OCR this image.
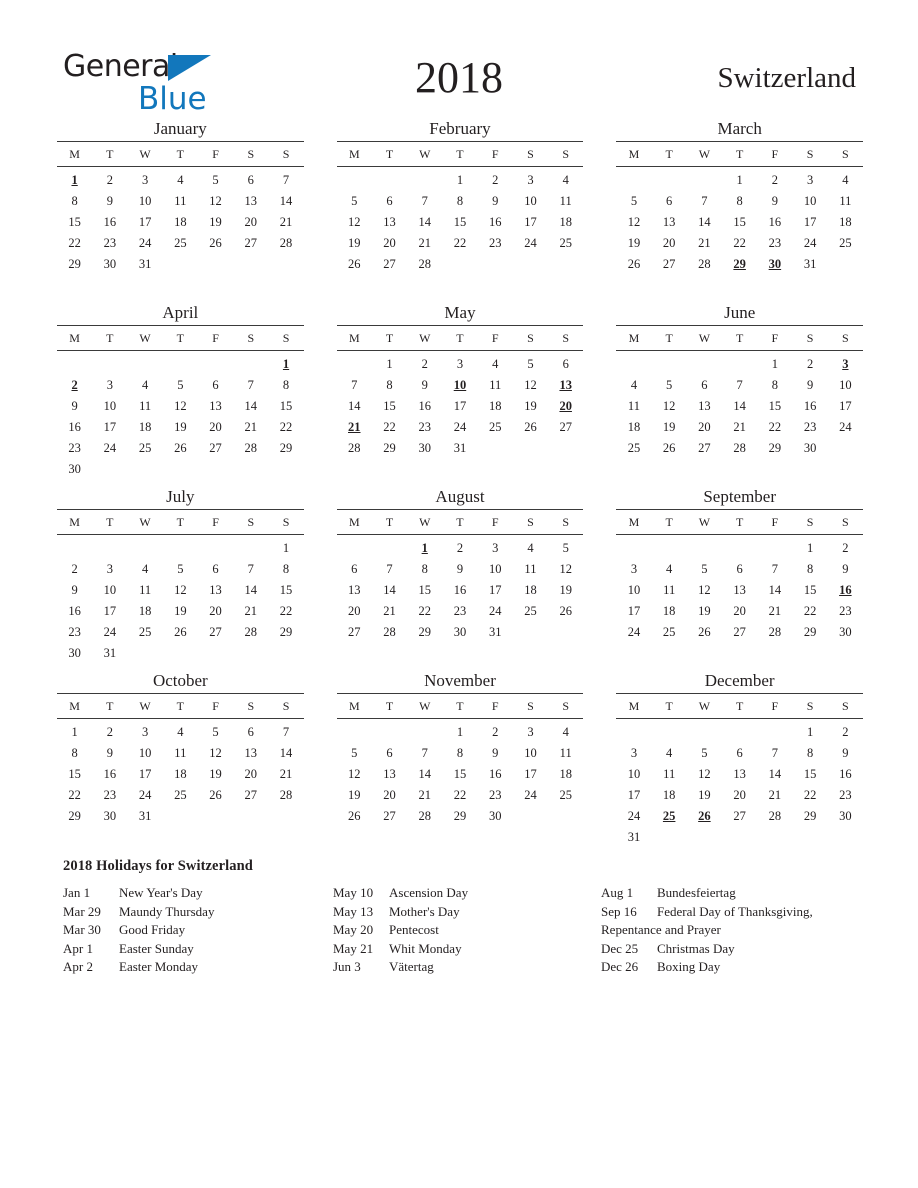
General
Blue	2018	Switzerland
January
M	T	W	T	F	S	S
1	2	3	4	5	6	7
8	9	10	11	12	13	14
15	16	17	18	19	20	21
22	23	24	25	26	27	28
29	30	31				

February
M	T	W	T	F	S	S
			1	2	3	4
5	6	7	8	9	10	11
12	13	14	15	16	17	18
19	20	21	22	23	24	25
26	27	28				

March
M	T	W	T	F	S	S
			1	2	3	4
5	6	7	8	9	10	11
12	13	14	15	16	17	18
19	20	21	22	23	24	25
26	27	28	29	30	31	

April
M	T	W	T	F	S	S
						1
2	3	4	5	6	7	8
9	10	11	12	13	14	15
16	17	18	19	20	21	22
23	24	25	26	27	28	29
30						
May
M	T	W	T	F	S	S
	1	2	3	4	5	6
7	8	9	10	11	12	13
14	15	16	17	18	19	20
21	22	23	24	25	26	27
28	29	30	31			

June
M	T	W	T	F	S	S
				1	2	3
4	5	6	7	8	9	10
11	12	13	14	15	16	17
18	19	20	21	22	23	24
25	26	27	28	29	30	

July
M	T	W	T	F	S	S
						1
2	3	4	5	6	7	8
9	10	11	12	13	14	15
16	17	18	19	20	21	22
23	24	25	26	27	28	29
30	31					
August
M	T	W	T	F	S	S
		1	2	3	4	5
6	7	8	9	10	11	12
13	14	15	16	17	18	19
20	21	22	23	24	25	26
27	28	29	30	31		

September
M	T	W	T	F	S	S
					1	2
3	4	5	6	7	8	9
10	11	12	13	14	15	16
17	18	19	20	21	22	23
24	25	26	27	28	29	30

October
M	T	W	T	F	S	S
1	2	3	4	5	6	7
8	9	10	11	12	13	14
15	16	17	18	19	20	21
22	23	24	25	26	27	28
29	30	31				

November
M	T	W	T	F	S	S
			1	2	3	4
5	6	7	8	9	10	11
12	13	14	15	16	17	18
19	20	21	22	23	24	25
26	27	28	29	30		

December
M	T	W	T	F	S	S
					1	2
3	4	5	6	7	8	9
10	11	12	13	14	15	16
17	18	19	20	21	22	23
24	25	26	27	28	29	30
31						
2018 Holidays for Switzerland
Jan 1	New Year's Day
Mar 29	Maundy Thursday
Mar 30	Good Friday
Apr 1	Easter Sunday
Apr 2	Easter Monday
May 10	Ascension Day
May 13	Mother's Day
May 20	Pentecost
May 21	Whit Monday
Jun 3	Vätertag
Aug 1	Bundesfeiertag
Sep 16	Federal Day of Thanksgiving,
Repentance and Prayer
Dec 25	Christmas Day
Dec 26	Boxing Day
